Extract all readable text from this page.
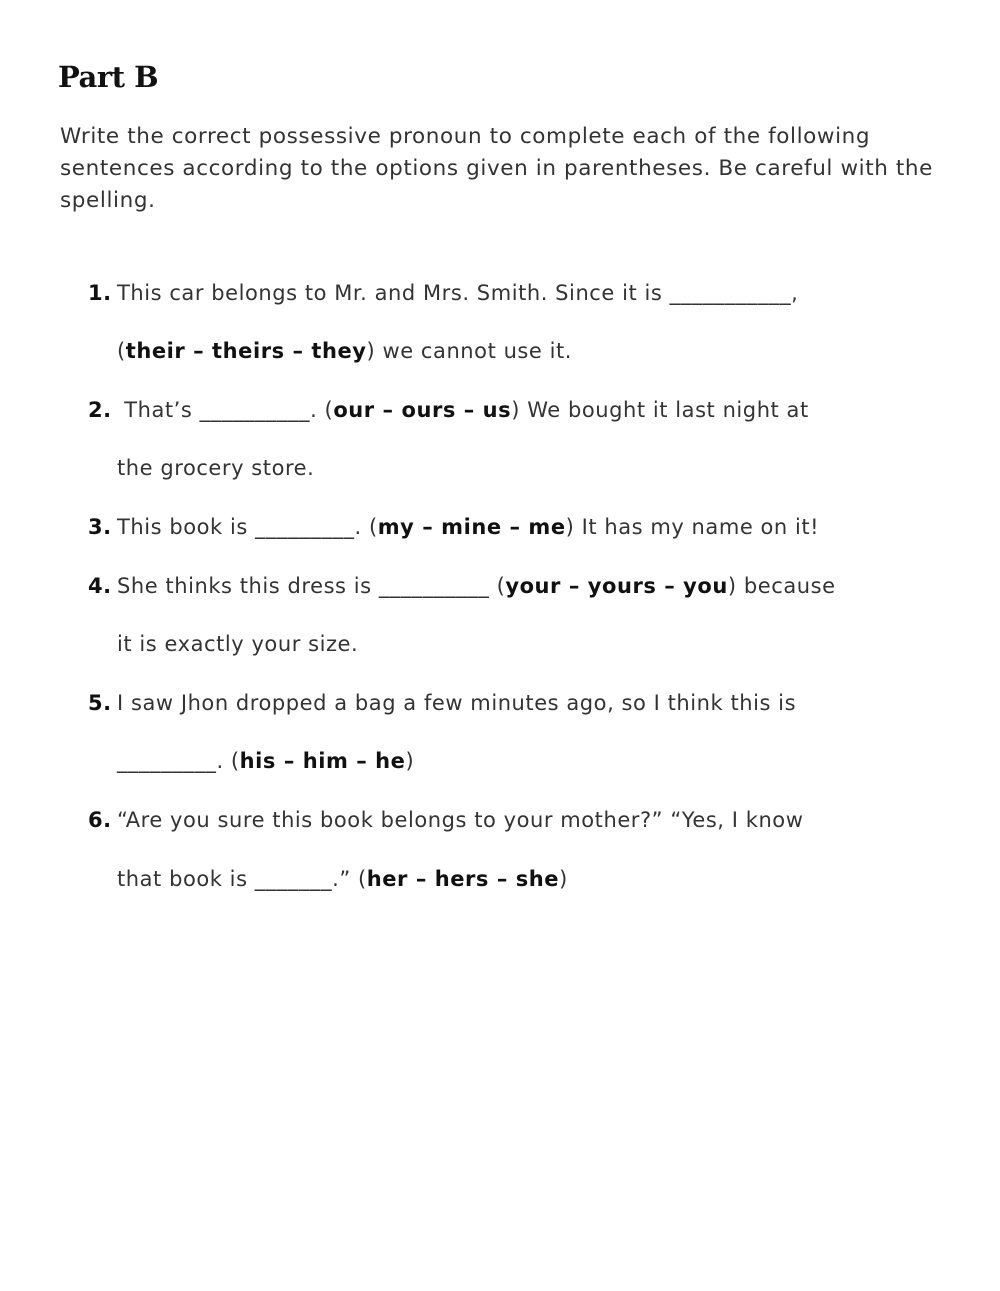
Part B

Write the correct possessive pronoun to complete each of the following sentences according to the options given in parentheses. Be careful with the spelling.

1. This car belongs to Mr. and Mrs. Smith. Since it is ___________,

(their – theirs – they) we cannot use it.

2. That’s __________. (our – ours – us) We bought it last night at

the grocery store.

3. This book is _________. (my – mine – me) It has my name on it!

4. She thinks this dress is __________ (your – yours – you) because

it is exactly your size.

5. I saw Jhon dropped a bag a few minutes ago, so I think this is

_________. (his – him – he)

6. “Are you sure this book belongs to your mother?” “Yes, I know

that book is _______.” (her – hers – she)
